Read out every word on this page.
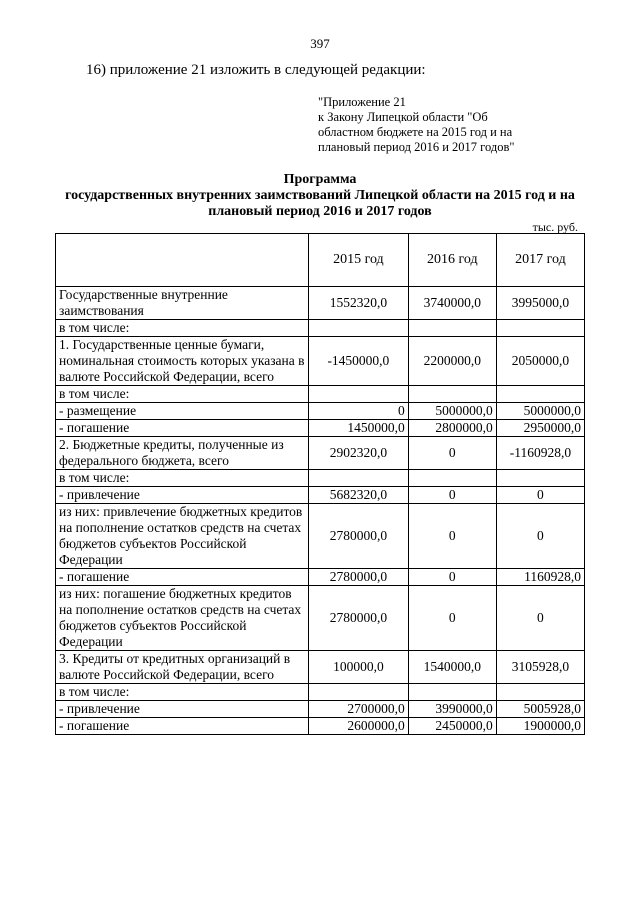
397
16) приложение 21 изложить в следующей редакции:
"Приложение 21
к Закону Липецкой области "Об
областном бюджете на 2015 год и на
плановый период 2016 и 2017 годов"
Программа
государственных внутренних заимствований Липецкой области на 2015 год и на
плановый период 2016 и 2017 годов
тыс. руб.
	2015 год	2016 год	2017 год
Государственные внутренние заимствования	1552320,0	3740000,0	3995000,0
в том числе:			
1. Государственные ценные бумаги, номинальная стоимость которых указана в валюте Российской Федерации, всего	-1450000,0	2200000,0	2050000,0
в том числе:			
- размещение	0	5000000,0	5000000,0
- погашение	1450000,0	2800000,0	2950000,0
2. Бюджетные кредиты, полученные из федерального бюджета, всего	2902320,0	0	-1160928,0
в том числе:			
- привлечение	5682320,0	0	0
из них: привлечение бюджетных кредитов на пополнение остатков средств на счетах бюджетов субъектов Российской Федерации	2780000,0	0	0
- погашение	2780000,0	0	1160928,0
из них: погашение бюджетных кредитов на пополнение остатков средств на счетах бюджетов субъектов Российской Федерации	2780000,0	0	0
3. Кредиты от кредитных организаций в валюте Российской Федерации, всего	100000,0	1540000,0	3105928,0
в том числе:			
- привлечение	2700000,0	3990000,0	5005928,0
- погашение	2600000,0	2450000,0	1900000,0
